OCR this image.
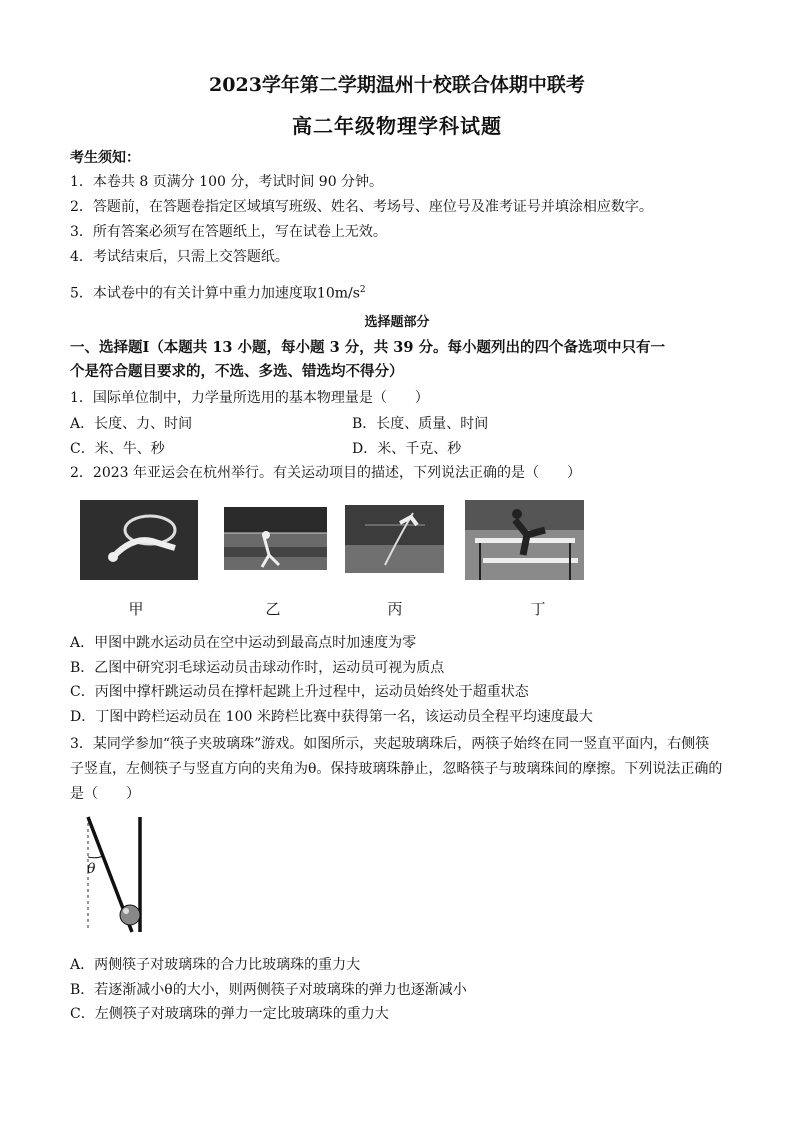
2023学年第二学期温州十校联合体期中联考
高二年级物理学科试题
考生须知：
1．本卷共 8 页满分 100 分，考试时间 90 分钟。
2．答题前，在答题卷指定区域填写班级、姓名、考场号、座位号及准考证号并填涂相应数字。
3．所有答案必须写在答题纸上，写在试卷上无效。
4．考试结束后，只需上交答题纸。
5．本试卷中的有关计算中重力加速度取$10m/s^2$
选择题部分
一、选择题Ⅰ（本题共 13 小题，每小题 3 分，共 39 分。每小题列出的四个备选项中只有一
个是符合题目要求的，不选、多选、错选均不得分）
1．国际单位制中，力学量所选用的基本物理量是（　　）
A．长度、力、时间	B．长度、质量、时间
C．米、牛、秒	D．米、千克、秒
2．2023 年亚运会在杭州举行。有关运动项目的描述，下列说法正确的是（　　）
甲	乙	丙	丁
A．甲图中跳水运动员在空中运动到最高点时加速度为零
B．乙图中研究羽毛球运动员击球动作时，运动员可视为质点
C．丙图中撑杆跳运动员在撑杆起跳上升过程中，运动员始终处于超重状态
D．丁图中跨栏运动员在 100 米跨栏比赛中获得第一名，该运动员全程平均速度最大
3．某同学参加“筷子夹玻璃珠”游戏。如图所示，夹起玻璃珠后，两筷子始终在同一竖直平面内，右侧筷
子竖直，左侧筷子与竖直方向的夹角为θ。保持玻璃珠静止，忽略筷子与玻璃珠间的摩擦。下列说法正确的
是（　　）
θ
A．两侧筷子对玻璃珠的合力比玻璃珠的重力大
B．若逐渐减小θ的大小，则两侧筷子对玻璃珠的弹力也逐渐减小
C．左侧筷子对玻璃珠的弹力一定比玻璃珠的重力大
